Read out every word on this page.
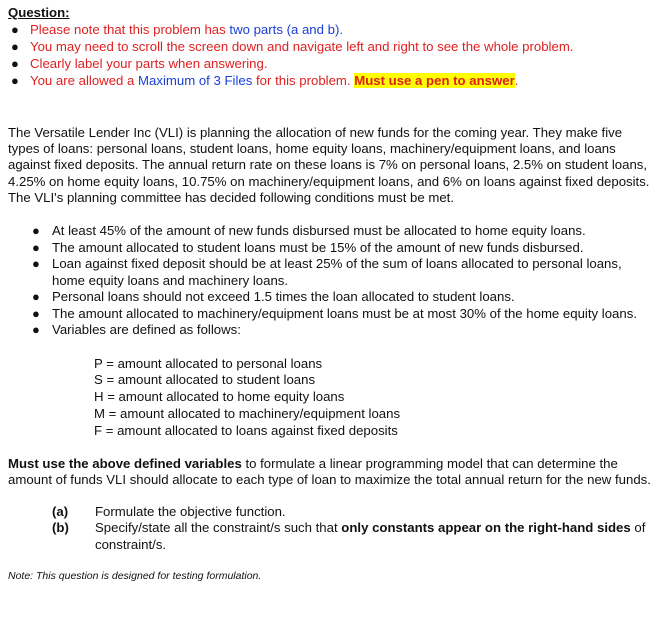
Question:
● Please note that this problem has two parts (a and b).
● You may need to scroll the screen down and navigate left and right to see the whole problem.
● Clearly label your parts when answering.
● You are allowed a Maximum of 3 Files for this problem. Must use a pen to answer.

The Versatile Lender Inc (VLI) is planning the allocation of new funds for the coming year. They make five types of loans: personal loans, student loans, home equity loans, machinery/equipment loans, and loans against fixed deposits. The annual return rate on these loans is 7% on personal loans, 2.5% on student loans, 4.25% on home equity loans, 10.75% on machinery/equipment loans, and 6% on loans against fixed deposits. The VLI's planning committee has decided following conditions must be met.

● At least 45% of the amount of new funds disbursed must be allocated to home equity loans.
● The amount allocated to student loans must be 15% of the amount of new funds disbursed.
● Loan against fixed deposit should be at least 25% of the sum of loans allocated to personal loans, home equity loans and machinery loans.
● Personal loans should not exceed 1.5 times the loan allocated to student loans.
● The amount allocated to machinery/equipment loans must be at most 30% of the home equity loans.
● Variables are defined as follows:
P = amount allocated to personal loans
S = amount allocated to student loans
H = amount allocated to home equity loans
M = amount allocated to machinery/equipment loans
F = amount allocated to loans against fixed deposits

Must use the above defined variables to formulate a linear programming model that can determine the amount of funds VLI should allocate to each type of loan to maximize the total annual return for the new funds.

(a)	Formulate the objective function.
(b)	Specify/state all the constraint/s such that only constants appear on the right-hand sides of constraint/s.

Note: This question is designed for testing formulation.
